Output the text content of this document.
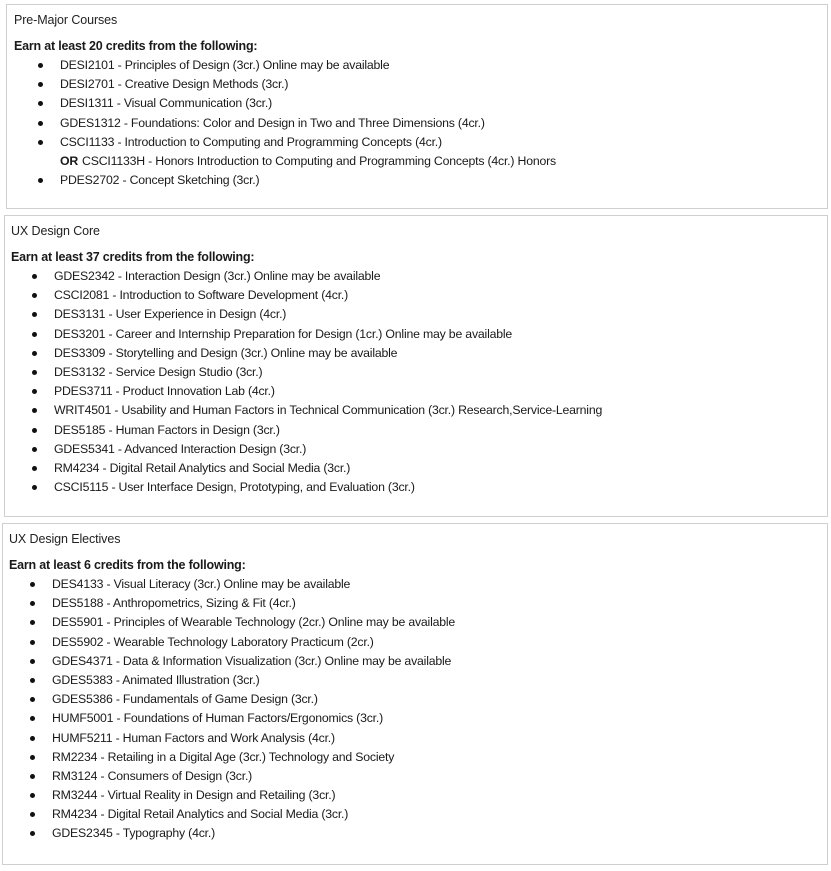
Pre-Major Courses
Earn at least 20 credits from the following:
DESI2101 - Principles of Design (3cr.) Online may be available
DESI2701 - Creative Design Methods (3cr.)
DESI1311 - Visual Communication (3cr.)
GDES1312 - Foundations: Color and Design in Two and Three Dimensions (4cr.)
CSCI1133 - Introduction to Computing and Programming Concepts (4cr.)
OR CSCI1133H - Honors Introduction to Computing and Programming Concepts (4cr.) Honors
PDES2702 - Concept Sketching (3cr.)
UX Design Core
Earn at least 37 credits from the following:
GDES2342 - Interaction Design (3cr.) Online may be available
CSCI2081 - Introduction to Software Development (4cr.)
DES3131 - User Experience in Design (4cr.)
DES3201 - Career and Internship Preparation for Design (1cr.) Online may be available
DES3309 - Storytelling and Design (3cr.) Online may be available
DES3132 - Service Design Studio (3cr.)
PDES3711 - Product Innovation Lab (4cr.)
WRIT4501 - Usability and Human Factors in Technical Communication (3cr.) Research,Service-Learning
DES5185 - Human Factors in Design (3cr.)
GDES5341 - Advanced Interaction Design (3cr.)
RM4234 - Digital Retail Analytics and Social Media (3cr.)
CSCI5115 - User Interface Design, Prototyping, and Evaluation (3cr.)
UX Design Electives
Earn at least 6 credits from the following:
DES4133 - Visual Literacy (3cr.) Online may be available
DES5188 - Anthropometrics, Sizing & Fit (4cr.)
DES5901 - Principles of Wearable Technology (2cr.) Online may be available
DES5902 - Wearable Technology Laboratory Practicum (2cr.)
GDES4371 - Data & Information Visualization (3cr.) Online may be available
GDES5383 - Animated Illustration (3cr.)
GDES5386 - Fundamentals of Game Design (3cr.)
HUMF5001 - Foundations of Human Factors/Ergonomics (3cr.)
HUMF5211 - Human Factors and Work Analysis (4cr.)
RM2234 - Retailing in a Digital Age (3cr.) Technology and Society
RM3124 - Consumers of Design (3cr.)
RM3244 - Virtual Reality in Design and Retailing (3cr.)
RM4234 - Digital Retail Analytics and Social Media (3cr.)
GDES2345 - Typography (4cr.)
